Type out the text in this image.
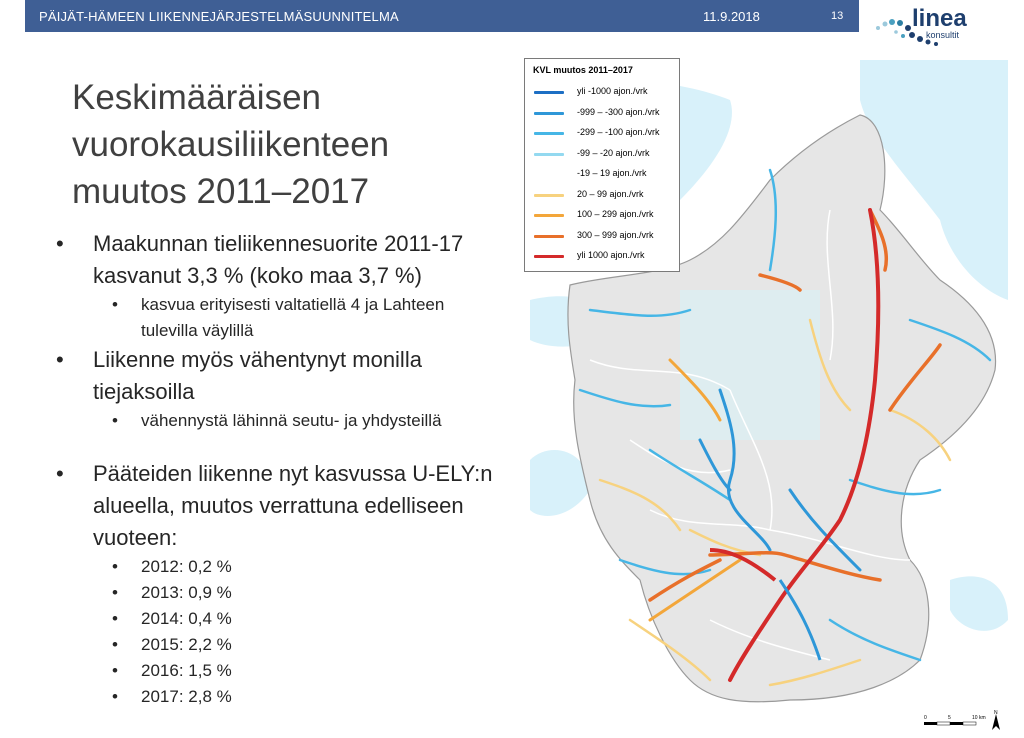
PÄIJÄT-HÄMEEN LIIKENNEJÄRJESTELMÄSUUNNITELMA	11.9.2018	13	linea
konsultit
Keskimääräisen
vuorokausiliikenteen
muutos 2011–2017

• Maakunnan tieliikennesuorite 2011-17
kasvanut 3,3 % (koko maa 3,7 %)

• kasvua erityisesti valtatiellä 4 ja Lahteen
tulevilla väylillä

• Liikenne myös vähentynyt monilla
tiejaksoilla

• vähennystä lähinnä seutu- ja yhdysteillä

• Pääteiden liikenne nyt kasvussa U-ELY:n
alueella, muutos verrattuna edelliseen
vuoteen:

• 2012: 0,2 %

• 2013: 0,9 %

• 2014: 0,4 %

• 2015: 2,2 %

• 2016: 1,5 %

• 2017: 2,8 %

KVL muutos 2011–2017
yli -1000 ajon./vrk
-999 – -300 ajon./vrk
-299 – -100 ajon./vrk
-99 – -20 ajon./vrk
-19 – 19 ajon./vrk
20 – 99 ajon./vrk
100 – 299 ajon./vrk
300 – 999 ajon./vrk
yli 1000 ajon./vrk
0	5	10 km
N
